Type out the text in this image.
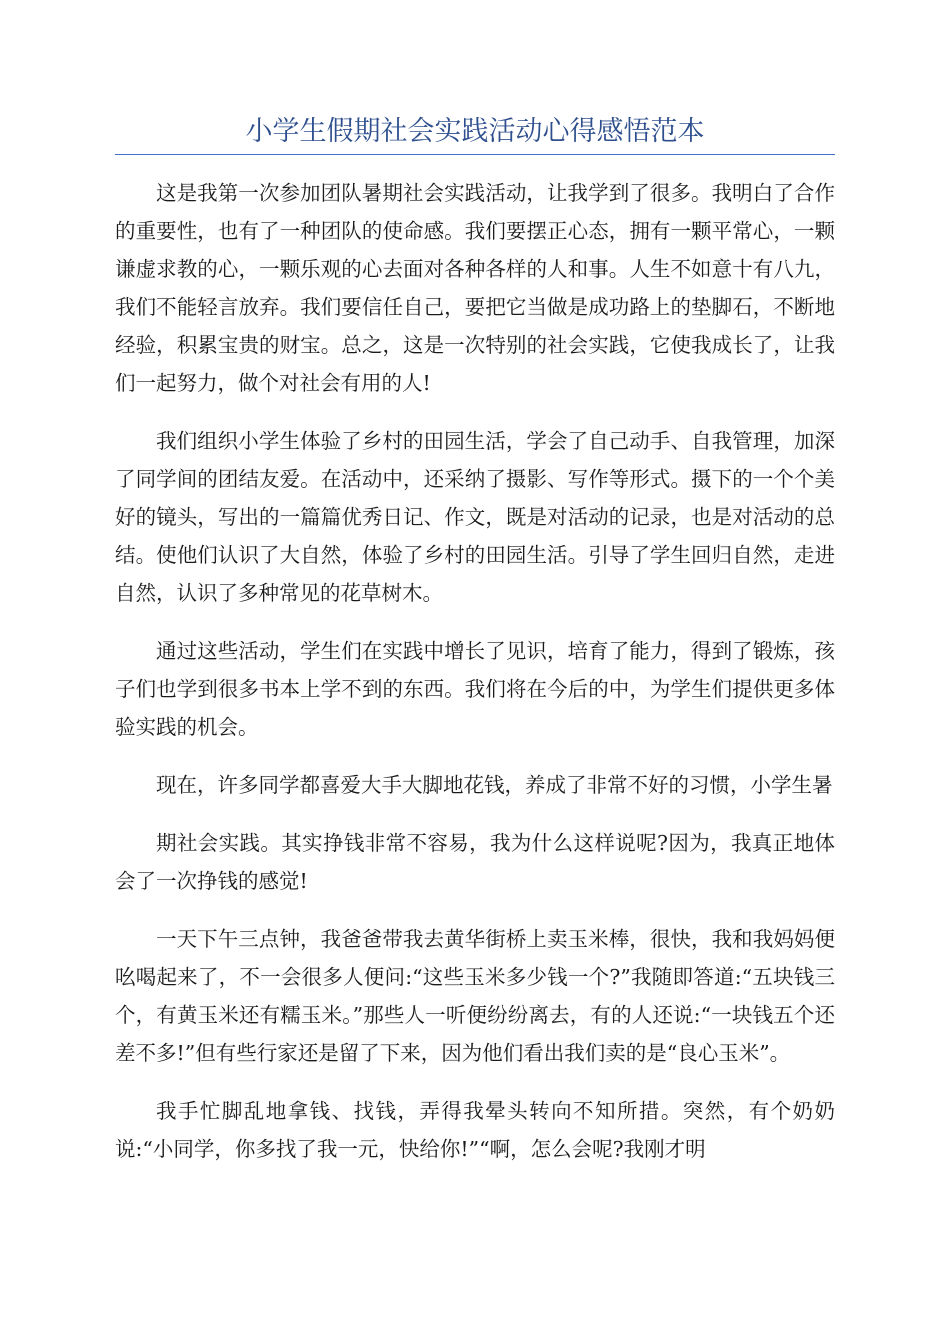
小学生假期社会实践活动心得感悟范本

这是我第一次参加团队暑期社会实践活动，让我学到了很多。我明白了合作的重要性，也有了一种团队的使命感。我们要摆正心态，拥有一颗平常心，一颗谦虚求教的心，一颗乐观的心去面对各种各样的人和事。人生不如意十有八九，我们不能轻言放弃。我们要信任自己，要把它当做是成功路上的垫脚石，不断地经验，积累宝贵的财宝。总之，这是一次特别的社会实践，它使我成长了，让我们一起努力，做个对社会有用的人!

我们组织小学生体验了乡村的田园生活，学会了自己动手、自我管理，加深了同学间的团结友爱。在活动中，还采纳了摄影、写作等形式。摄下的一个个美好的镜头，写出的一篇篇优秀日记、作文，既是对活动的记录，也是对活动的总结。使他们认识了大自然，体验了乡村的田园生活。引导了学生回归自然，走进自然，认识了多种常见的花草树木。

通过这些活动，学生们在实践中增长了见识，培育了能力，得到了锻炼，孩子们也学到很多书本上学不到的东西。我们将在今后的中，为学生们提供更多体验实践的机会。

现在，许多同学都喜爱大手大脚地花钱，养成了非常不好的习惯，小学生暑

期社会实践。其实挣钱非常不容易，我为什么这样说呢?因为，我真正地体会了一次挣钱的感觉!

一天下午三点钟，我爸爸带我去黄华街桥上卖玉米棒，很快，我和我妈妈便吆喝起来了，不一会很多人便问:“这些玉米多少钱一个?”我随即答道:“五块钱三个，有黄玉米还有糯玉米。”那些人一听便纷纷离去，有的人还说:“一块钱五个还差不多!”但有些行家还是留了下来，因为他们看出我们卖的是“良心玉米”。

我手忙脚乱地拿钱、找钱，弄得我晕头转向不知所措。突然，有个奶奶说:“小同学，你多找了我一元，快给你!”“啊，怎么会呢?我刚才明
